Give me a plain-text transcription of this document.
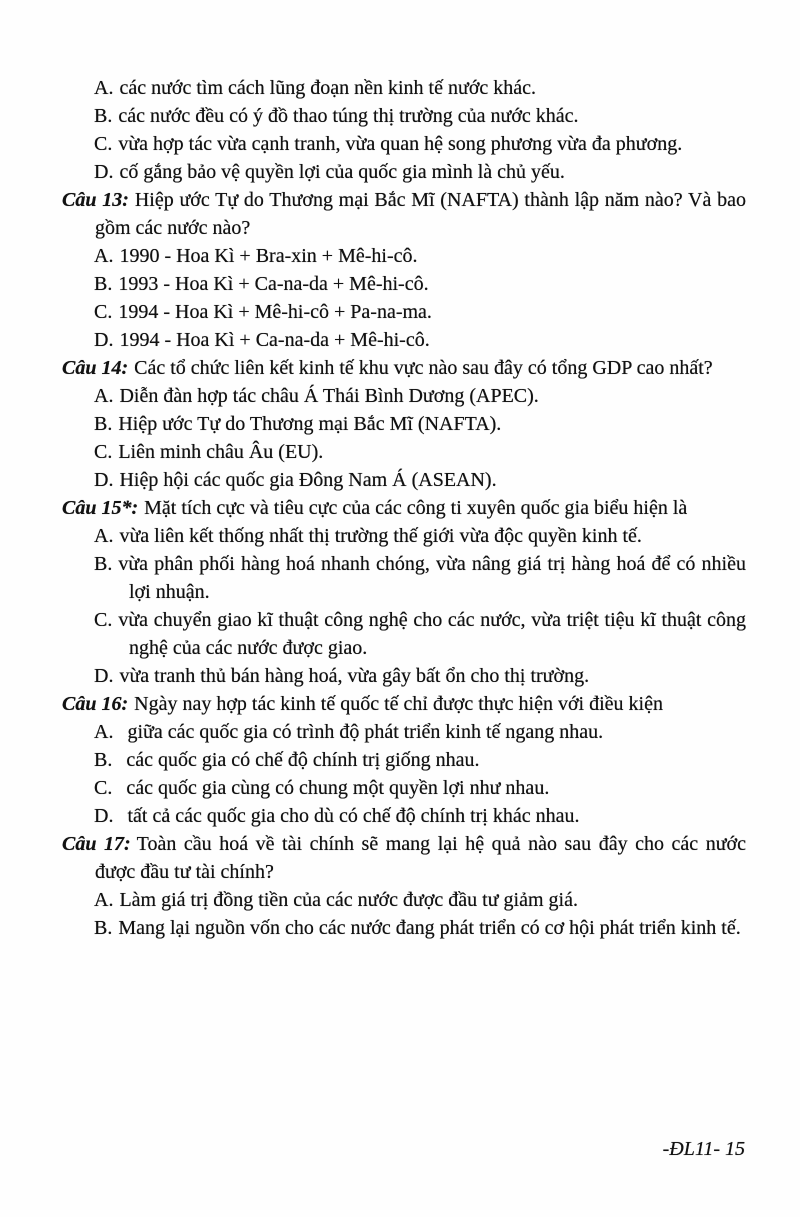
A. các nước tìm cách lũng đoạn nền kinh tế nước khác.

B. các nước đều có ý đồ thao túng thị trường của nước khác.

C. vừa hợp tác vừa cạnh tranh, vừa quan hệ song phương vừa đa phương.

D. cố gắng bảo vệ quyền lợi của quốc gia mình là chủ yếu.

Câu 13: Hiệp ước Tự do Thương mại Bắc Mĩ (NAFTA) thành lập năm nào? Và bao gồm các nước nào?

A. 1990 - Hoa Kì + Bra-xin + Mê-hi-cô.

B. 1993 - Hoa Kì + Ca-na-da + Mê-hi-cô.

C. 1994 - Hoa Kì + Mê-hi-cô + Pa-na-ma.

D. 1994 - Hoa Kì + Ca-na-da + Mê-hi-cô.

Câu 14: Các tổ chức liên kết kinh tế khu vực nào sau đây có tổng GDP cao nhất?

A. Diễn đàn hợp tác châu Á Thái Bình Dương (APEC).

B. Hiệp ước Tự do Thương mại Bắc Mĩ (NAFTA).

C. Liên minh châu Âu (EU).

D. Hiệp hội các quốc gia Đông Nam Á (ASEAN).

Câu 15*: Mặt tích cực và tiêu cực của các công ti xuyên quốc gia biểu hiện là

A. vừa liên kết thống nhất thị trường thế giới vừa độc quyền kinh tế.

B. vừa phân phối hàng hoá nhanh chóng, vừa nâng giá trị hàng hoá để có nhiều lợi nhuận.

C. vừa chuyển giao kĩ thuật công nghệ cho các nước, vừa triệt tiệu kĩ thuật công nghệ của các nước được giao.

D. vừa tranh thủ bán hàng hoá, vừa gây bất ổn cho thị trường.

Câu 16: Ngày nay hợp tác kinh tế quốc tế chỉ được thực hiện với điều kiện

A. giữa các quốc gia có trình độ phát triển kinh tế ngang nhau.

B. các quốc gia có chế độ chính trị giống nhau.

C. các quốc gia cùng có chung một quyền lợi như nhau.

D. tất cả các quốc gia cho dù có chế độ chính trị khác nhau.

Câu 17: Toàn cầu hoá về tài chính sẽ mang lại hệ quả nào sau đây cho các nước được đầu tư tài chính?

A. Làm giá trị đồng tiền của các nước được đầu tư giảm giá.

B. Mang lại nguồn vốn cho các nước đang phát triển có cơ hội phát triển kinh tế.

-ĐL11- 15
